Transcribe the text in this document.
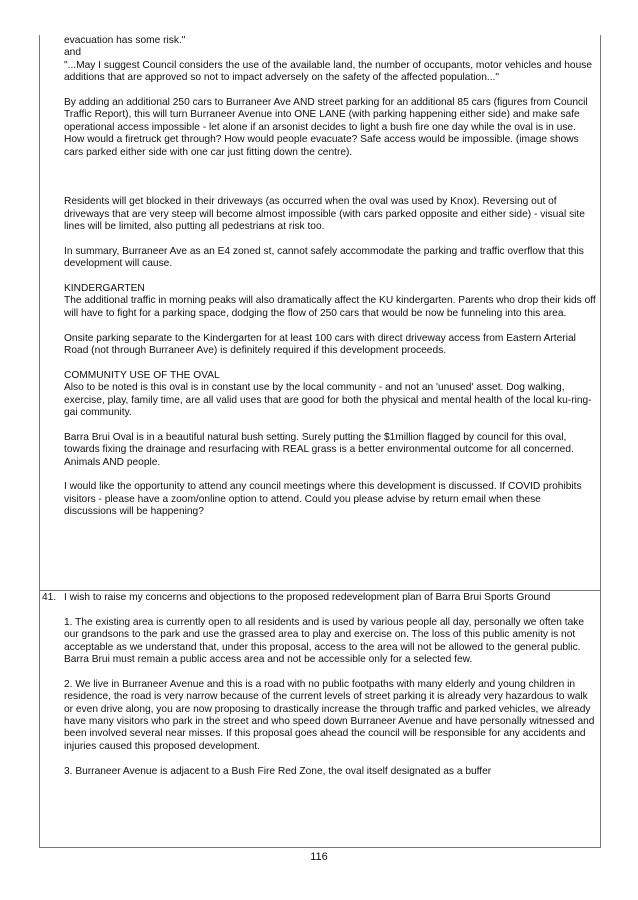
evacuation has some risk."
and
"...May I suggest Council considers the use of the available land, the number of occupants, motor vehicles and house additions that are approved so not to impact adversely on the safety of the affected population..."

By adding an additional 250 cars to Burraneer Ave AND street parking for an additional 85 cars (figures from Council Traffic Report), this will turn Burraneer Avenue into ONE LANE (with parking happening either side) and make safe operational access impossible - let alone if an arsonist decides to light a bush fire one day while the oval is in use. How would a firetruck get through? How would people evacuate? Safe access would be impossible. (image shows cars parked either side with one car just fitting down the centre).

Residents will get blocked in their driveways (as occurred when the oval was used by Knox). Reversing out of driveways that are very steep will become almost impossible (with cars parked opposite and either side) - visual site lines will be limited, also putting all pedestrians at risk too.

In summary, Burraneer Ave as an E4 zoned st, cannot safely accommodate the parking and traffic overflow that this development will cause.

KINDERGARTEN
The additional traffic in morning peaks will also dramatically affect the KU kindergarten. Parents who drop their kids off will have to fight for a parking space, dodging the flow of 250 cars that would be now be funneling into this area.

Onsite parking separate to the Kindergarten for at least 100 cars with direct driveway access from Eastern Arterial Road (not through Burraneer Ave) is definitely required if this development proceeds.

COMMUNITY USE OF THE OVAL
Also to be noted is this oval is in constant use by the local community - and not an 'unused' asset. Dog walking, exercise, play, family time, are all valid uses that are good for both the physical and mental health of the local ku-ring-gai community.

Barra Brui Oval is in a beautiful natural bush setting. Surely putting the $1million flagged by council for this oval, towards fixing the drainage and resurfacing with REAL grass is a better environmental outcome for all concerned. Animals AND people.

I would like the opportunity to attend any council meetings where this development is discussed. If COVID prohibits visitors - please have a zoom/online option to attend. Could you please advise by return email when these discussions will be happening?

41. I wish to raise my concerns and objections to the proposed redevelopment plan of Barra Brui Sports Ground

1. The existing area is currently open to all residents and is used by various people all day, personally we often take our grandsons to the park and use the grassed area to play and exercise on. The loss of this public amenity is not acceptable as we understand that, under this proposal, access to the area will not be allowed to the general public. Barra Brui must remain a public access area and not be accessible only for a selected few.

2. We live in Burraneer Avenue and this is a road with no public footpaths with many elderly and young children in residence, the road is very narrow because of the current levels of street parking it is already very hazardous to walk or even drive along, you are now proposing to drastically increase the through traffic and parked vehicles, we already have many visitors who park in the street and who speed down Burraneer Avenue and have personally witnessed and been involved several near misses. If this proposal goes ahead the council will be responsible for any accidents and injuries caused this proposed development.

3. Burraneer Avenue is adjacent to a Bush Fire Red Zone, the oval itself designated as a buffer

116
